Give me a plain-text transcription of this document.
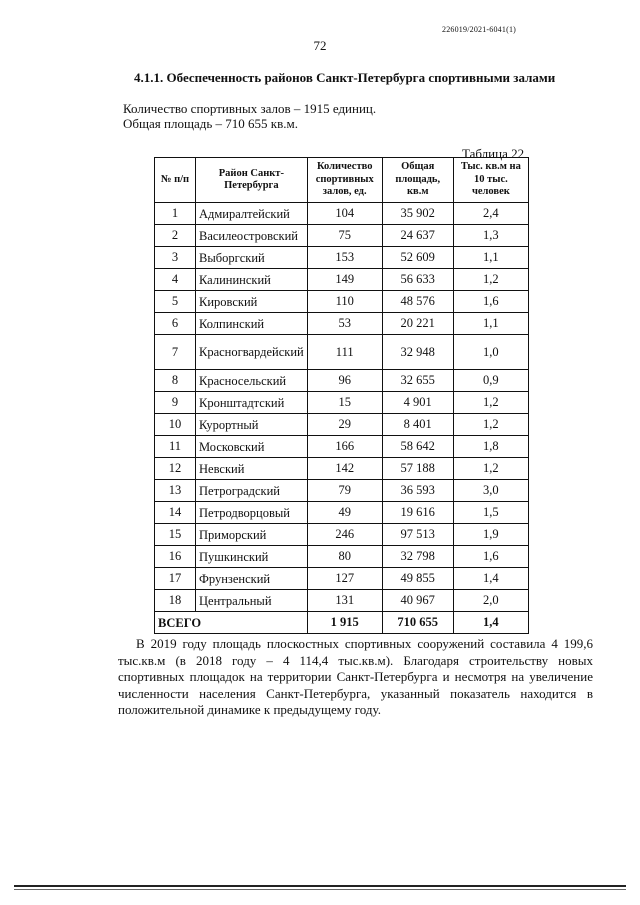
226019/2021-6041(1)
72
4.1.1. Обеспеченность районов Санкт-Петербурга спортивными залами
Количество спортивных залов – 1915 единиц.
Общая площадь – 710 655 кв.м.
Таблица 22
№ п/п	Район Санкт-Петербурга	Количество спортивных залов, ед.	Общая площадь, кв.м	Тыс. кв.м на 10 тыс. человек
1	Адмиралтейский	104	35 902	2,4
2	Василеостровский	75	24 637	1,3
3	Выборгский	153	52 609	1,1
4	Калининский	149	56 633	1,2
5	Кировский	110	48 576	1,6
6	Колпинский	53	20 221	1,1
7	Красногвардейский	111	32 948	1,0
8	Красносельский	96	32 655	0,9
9	Кронштадтский	15	4 901	1,2
10	Курортный	29	8 401	1,2
11	Московский	166	58 642	1,8
12	Невский	142	57 188	1,2
13	Петроградский	79	36 593	3,0
14	Петродворцовый	49	19 616	1,5
15	Приморский	246	97 513	1,9
16	Пушкинский	80	32 798	1,6
17	Фрунзенский	127	49 855	1,4
18	Центральный	131	40 967	2,0
ВСЕГО		1 915	710 655	1,4
В 2019 году площадь плоскостных спортивных сооружений составила 4 199,6 тыс.кв.м (в 2018 году – 4 114,4 тыс.кв.м). Благодаря строительству новых спортивных площадок на территории Санкт-Петербурга и несмотря на увеличение численности населения Санкт-Петербурга, указанный показатель находится в положительной динамике к предыдущему году.
